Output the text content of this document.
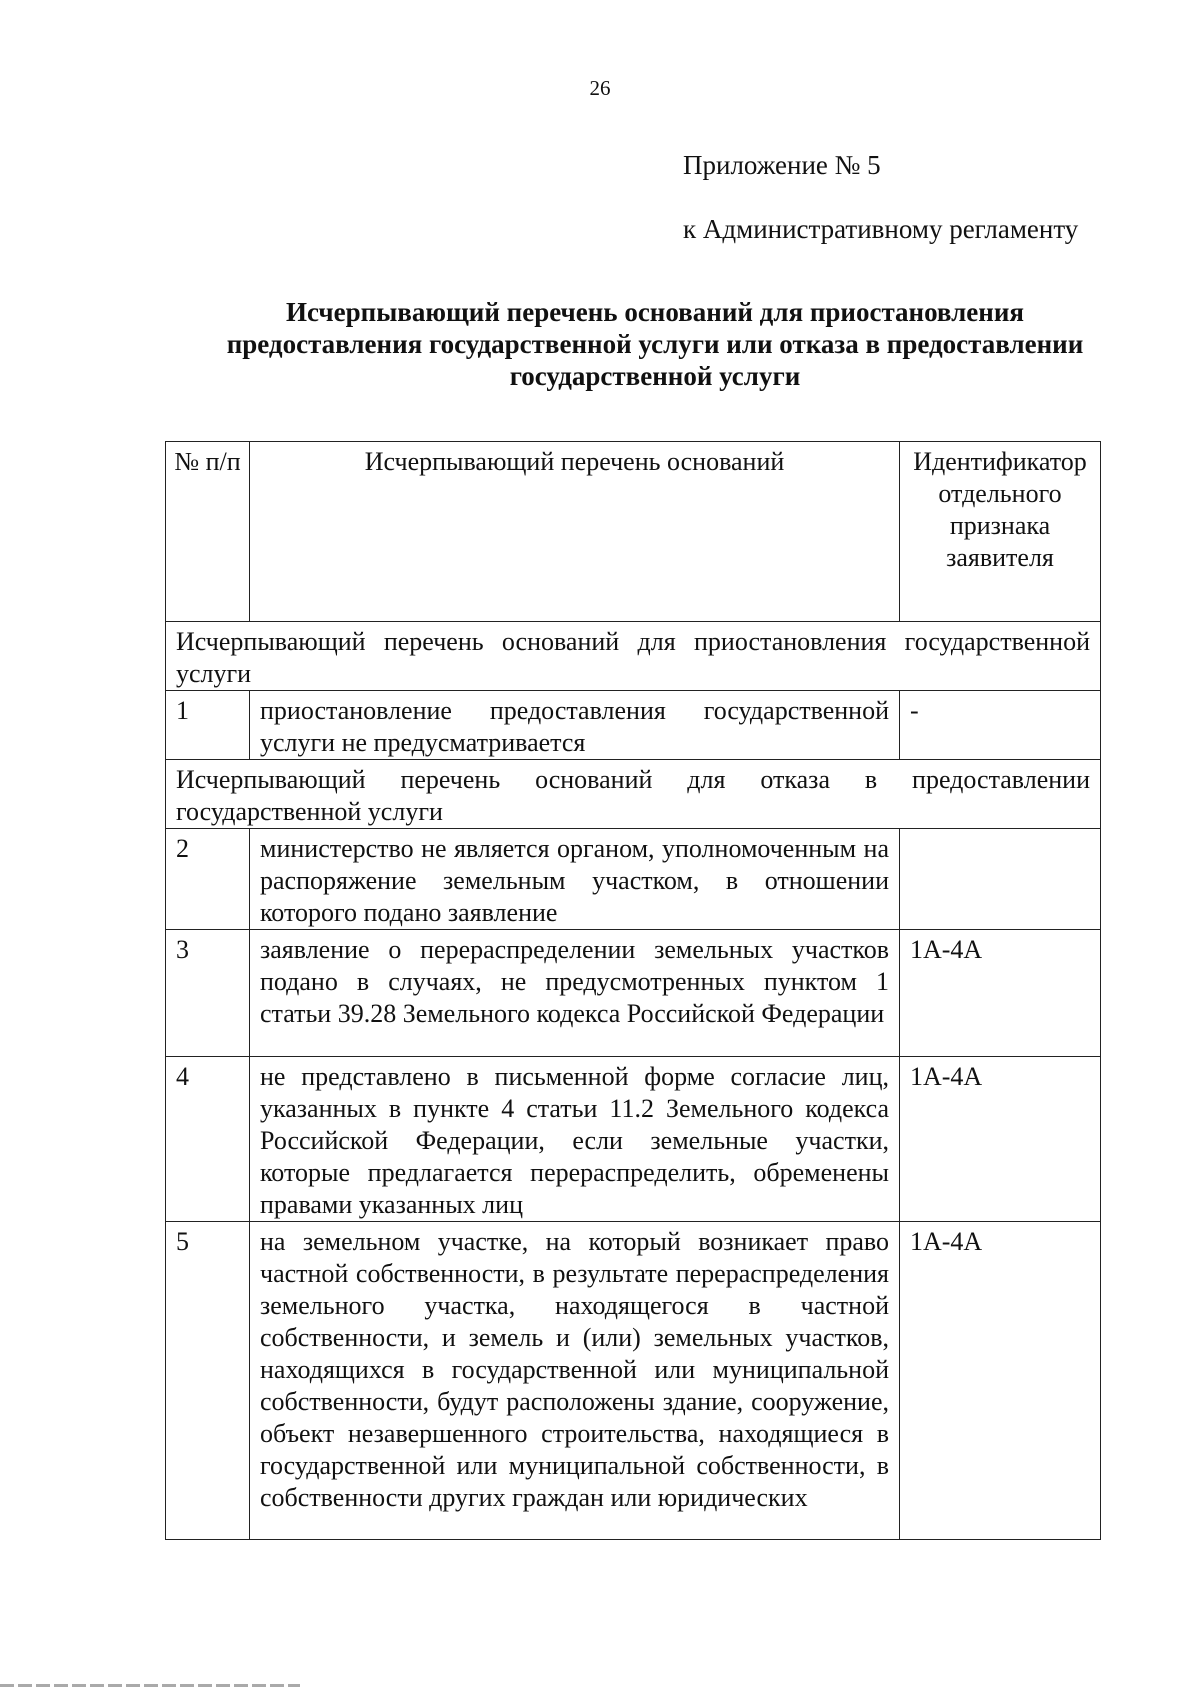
26
Приложение № 5
к Административному регламенту
Исчерпывающий перечень оснований для приостановления
предоставления государственной услуги или отказа в предоставлении
государственной услуги
№ п/п	Исчерпывающий перечень оснований	Идентификатор отдельного признака заявителя
Исчерпывающий перечень оснований для приостановления государственной услуги		
1	приостановление предоставления государственной услуги не предусматривается	-
Исчерпывающий перечень оснований для отказа в предоставлении государственной услуги		
2	министерство не является органом, уполномоченным на распоряжение земельным участком, в отношении которого подано заявление	
3	заявление о перераспределении земельных участков подано в случаях, не предусмотренных пунктом 1 статьи 39.28 Земельного кодекса Российской Федерации	1А-4А
4	не представлено в письменной форме согласие лиц, указанных в пункте 4 статьи 11.2 Земельного кодекса Российской Федерации, если земельные участки, которые предлагается перераспределить, обременены правами указанных лиц	1А-4А
5	на земельном участке, на который возникает право частной собственности, в результате перераспределения земельного участка, находящегося в частной собственности, и земель и (или) земельных участков, находящихся в государственной или муниципальной собственности, будут расположены здание, сооружение, объект незавершенного строительства, находящиеся в государственной или муниципальной собственности, в собственности других граждан или юридических	1А-4А
